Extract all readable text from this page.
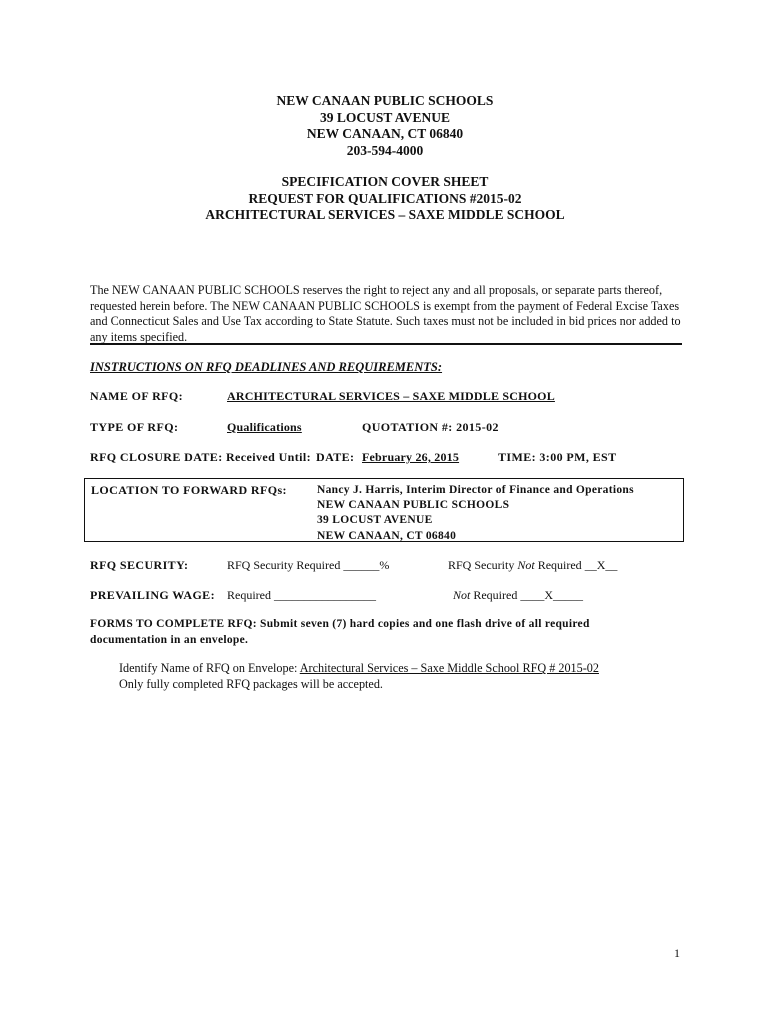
NEW CANAAN PUBLIC SCHOOLS
39 LOCUST AVENUE
NEW CANAAN, CT 06840
203-594-4000
SPECIFICATION COVER SHEET
REQUEST FOR QUALIFICATIONS #2015-02
ARCHITECTURAL SERVICES – SAXE MIDDLE SCHOOL
The NEW CANAAN PUBLIC SCHOOLS reserves the right to reject any and all proposals, or separate parts thereof, requested herein before. The NEW CANAAN PUBLIC SCHOOLS is exempt from the payment of Federal Excise Taxes and Connecticut Sales and Use Tax according to State Statute. Such taxes must not be included in bid prices nor added to any items specified.
INSTRUCTIONS ON RFQ DEADLINES AND REQUIREMENTS:
NAME OF RFQ:	ARCHITECTURAL SERVICES – SAXE MIDDLE SCHOOL
TYPE OF RFQ:	Qualifications	QUOTATION #: 2015-02
RFQ CLOSURE DATE: Received Until: DATE: February 26, 2015	TIME: 3:00 PM, EST
LOCATION TO FORWARD RFQs:	Nancy J. Harris, Interim Director of Finance and Operations
NEW CANAAN PUBLIC SCHOOLS
39 LOCUST AVENUE
NEW CANAAN, CT 06840
RFQ SECURITY:	RFQ Security Required ______%	RFQ Security Not Required __X__
PREVAILING WAGE: Required _________________	Not Required ____X_____
FORMS TO COMPLETE RFQ: Submit seven (7) hard copies and one flash drive of all required documentation in an envelope.
Identify Name of RFQ on Envelope: Architectural Services – Saxe Middle School RFQ # 2015-02
Only fully completed RFQ packages will be accepted.
1
